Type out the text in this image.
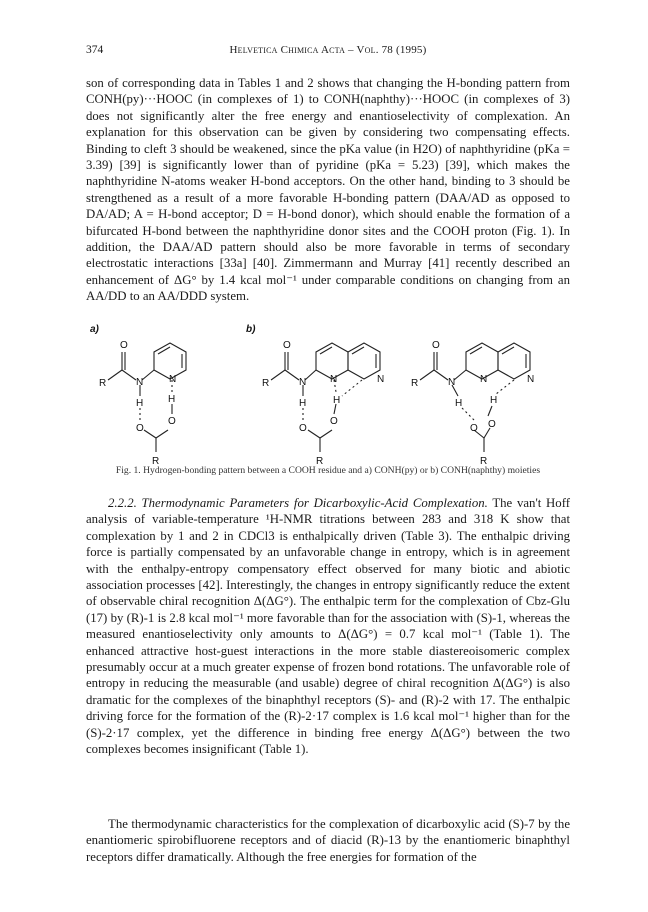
374	Helvetica Chimica Acta – Vol. 78 (1995)

son of corresponding data in Tables 1 and 2 shows that changing the H-bonding pattern from CONH(py)···HOOC (in complexes of 1) to CONH(naphthy)···HOOC (in complexes of 3) does not significantly alter the free energy and enantioselectivity of complexation. An explanation for this observation can be given by considering two compensating effects. Binding to cleft 3 should be weakened, since the pKa value (in H2O) of naphthyridine (pKa = 3.39) [39] is significantly lower than of pyridine (pKa = 5.23) [39], which makes the naphthyridine N-atoms weaker H-bond acceptors. On the other hand, binding to 3 should be strengthened as a result of a more favorable H-bonding pattern (DAA/AD as opposed to DA/AD; A = H-bond acceptor; D = H-bond donor), which should enable the formation of a bifurcated H-bond between the naphthyridine donor sites and the COOH proton (Fig. 1). In addition, the DAA/AD pattern should also be more favorable in terms of secondary electrostatic interactions [33a] [40]. Zimmermann and Murray [41] recently described an enhancement of ΔG° by 1.4 kcal mol⁻¹ under comparable conditions on changing from an AA/DD to an AA/DDD system.

a)	b)
O
R	N	N
H H
O
O
R
O
R	N N	N
H	H
O
O
R
O
R	N N	N
H	H
O O
R
Fig. 1. Hydrogen-bonding pattern between a COOH residue and a) CONH(py) or b) CONH(naphthy) moieties

2.2.2. Thermodynamic Parameters for Dicarboxylic-Acid Complexation. The van't Hoff analysis of variable-temperature ¹H-NMR titrations between 283 and 318 K show that complexation by 1 and 2 in CDCl3 is enthalpically driven (Table 3). The enthalpic driving force is partially compensated by an unfavorable change in entropy, which is in agreement with the enthalpy-entropy compensatory effect observed for many biotic and abiotic association processes [42]. Interestingly, the changes in entropy significantly reduce the extent of observable chiral recognition Δ(ΔG°). The enthalpic term for the complexation of Cbz-Glu (17) by (R)-1 is 2.8 kcal mol⁻¹ more favorable than for the association with (S)-1, whereas the measured enantioselectivity only amounts to Δ(ΔG°) = 0.7 kcal mol⁻¹ (Table 1). The enhanced attractive host-guest interactions in the more stable diastereoisomeric complex presumably occur at a much greater expense of frozen bond rotations. The unfavorable role of entropy in reducing the measurable (and usable) degree of chiral recognition Δ(ΔG°) is also dramatic for the complexes of the binaphthyl receptors (S)- and (R)-2 with 17. The enthalpic driving force for the formation of the (R)-2·17 complex is 1.6 kcal mol⁻¹ higher than for the (S)-2·17 complex, yet the difference in binding free energy Δ(ΔG°) between the two complexes becomes insignificant (Table 1).

The thermodynamic characteristics for the complexation of dicarboxylic acid (S)-7 by the enantiomeric spirobifluorene receptors and of diacid (R)-13 by the enantiomeric binaphthyl receptors differ dramatically. Although the free energies for formation of the
